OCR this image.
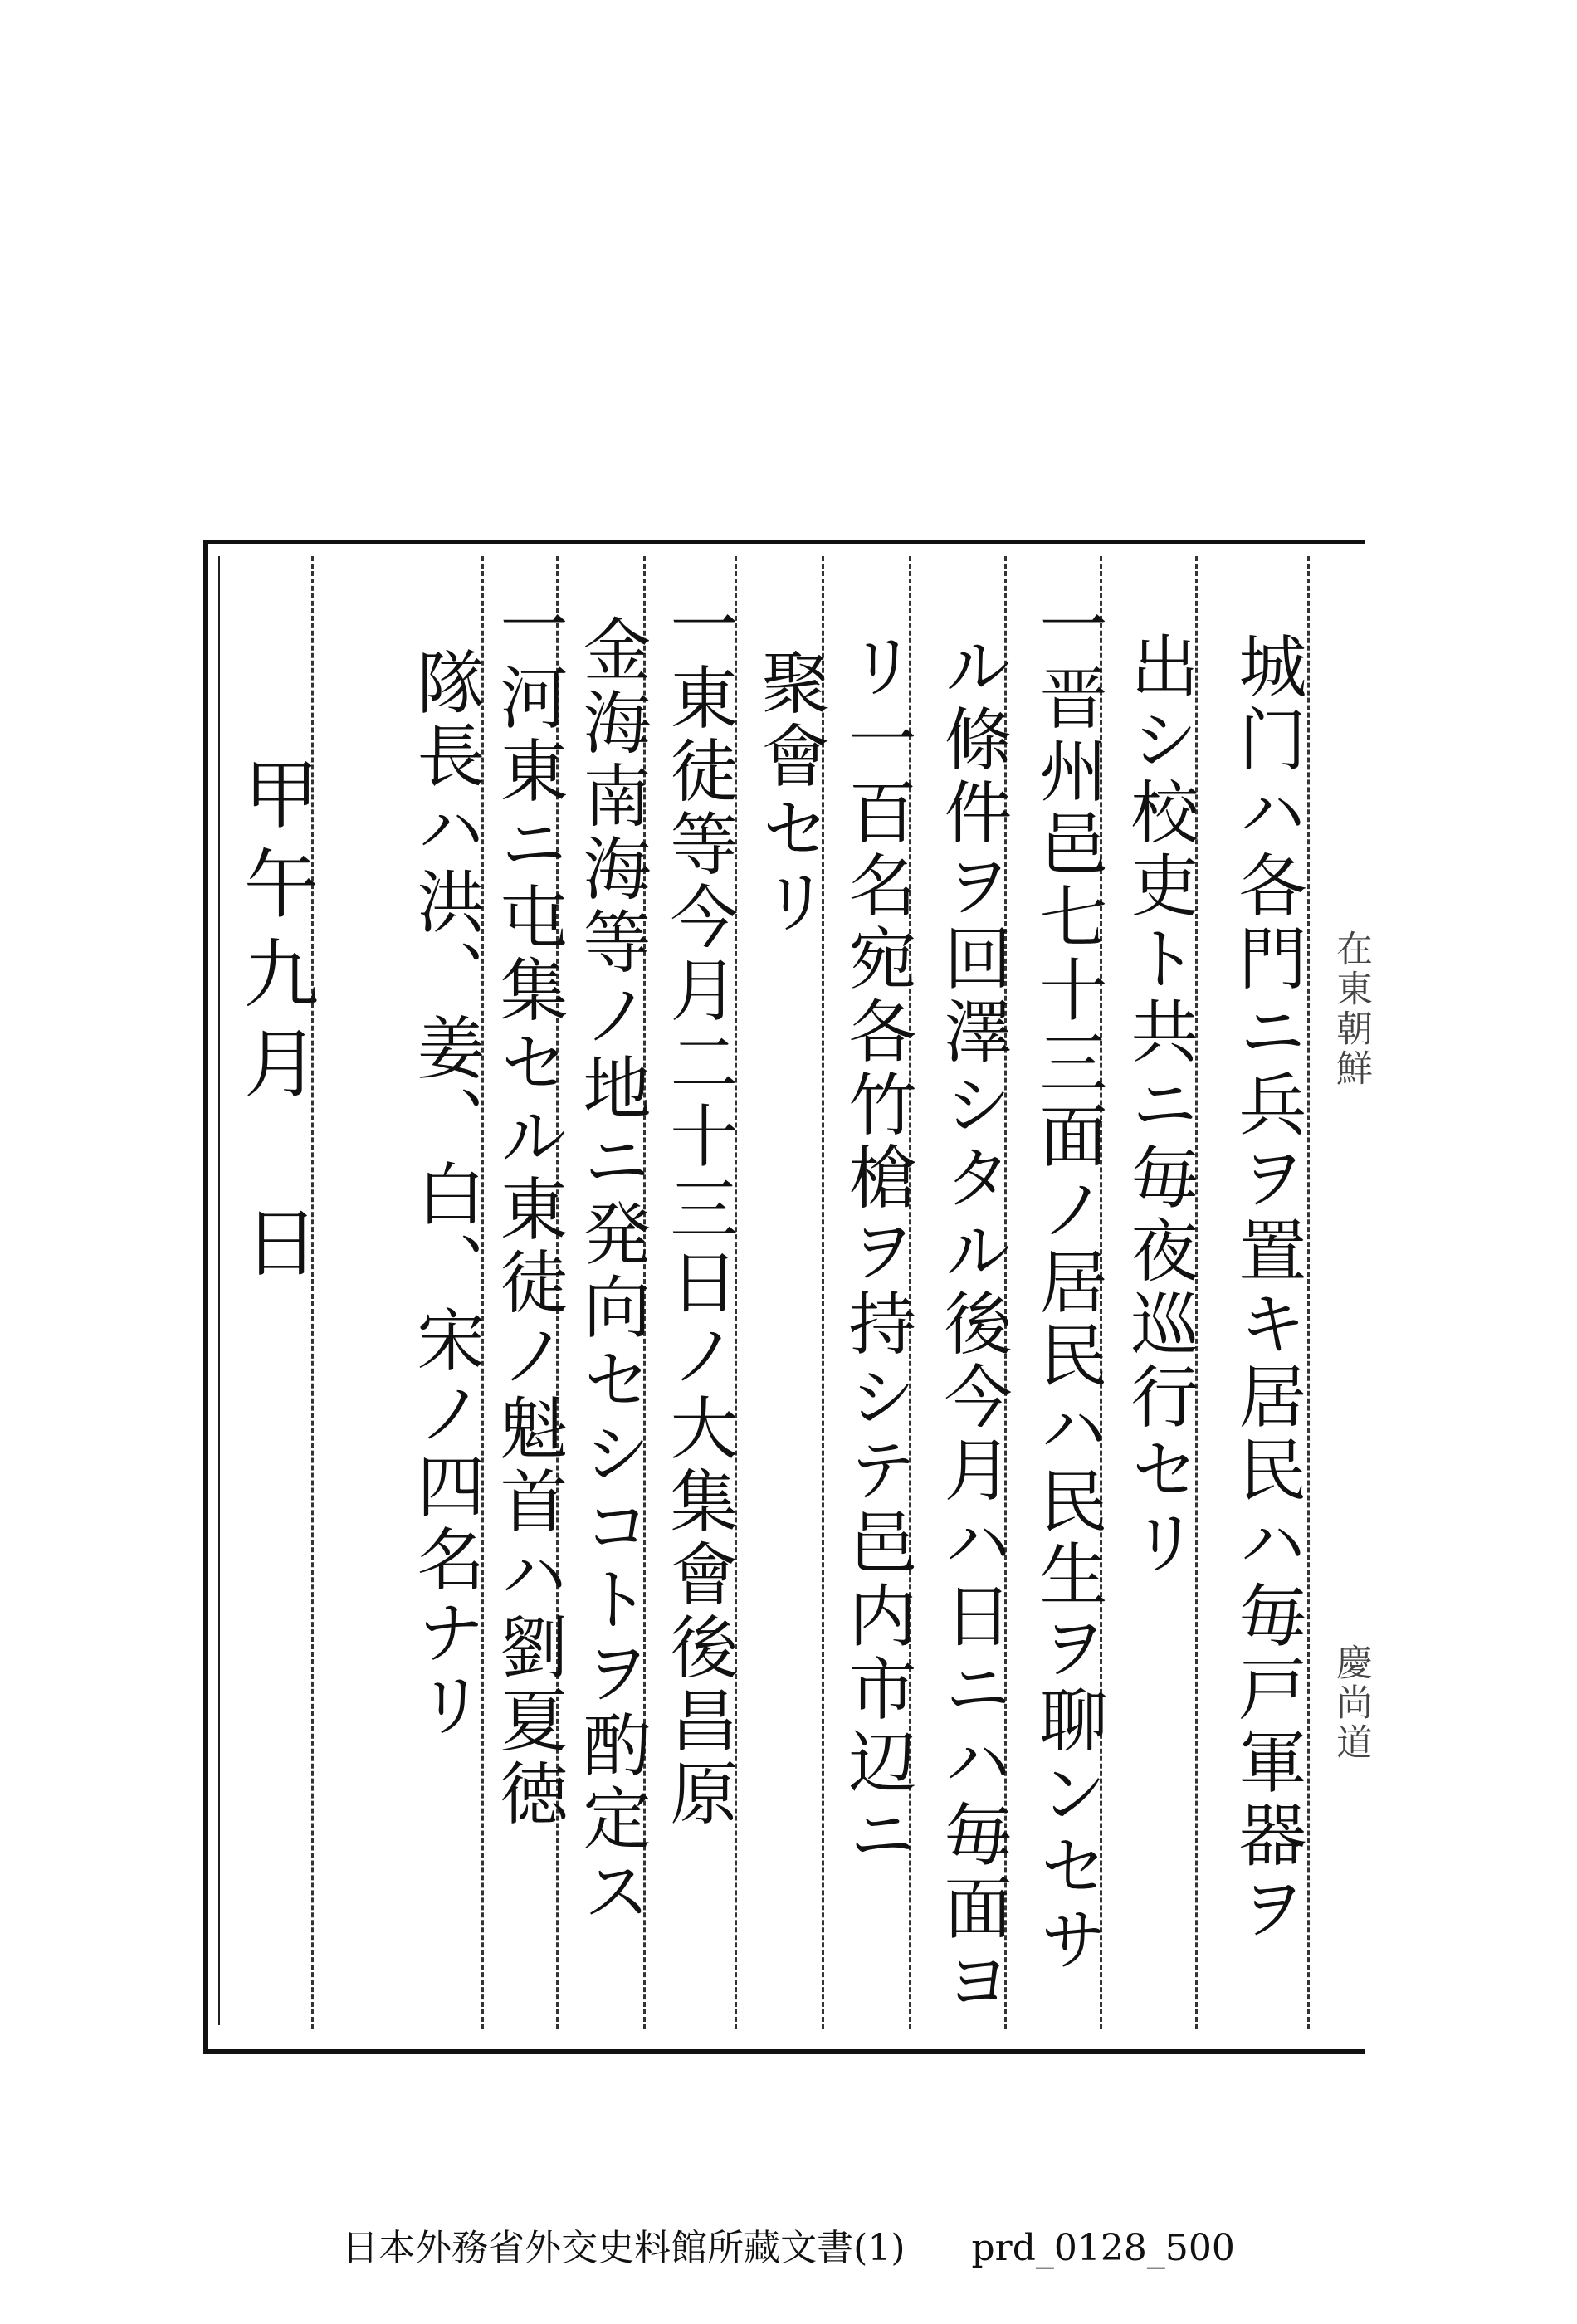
城门ハ各門ニ兵ヲ置キ居民ハ毎戸軍器ヲ
出シ校吏ト共ニ毎夜巡行セリ
一晋州邑七十三面ノ居民ハ民生ヲ聊ンセサ
ル條件ヲ回澤シタル後今月ハ日ニハ毎面ヨ
リ一百名宛各竹槍ヲ持シテ邑内市辺ニ
聚會セリ
一東徒等今月二十三日ノ大集會後昌原
金海南海等ノ地ニ発向セシコトヲ酌定ス
一河東ニ屯集セル東徒ノ魁首ハ劉夏徳
隊長ハ洪、姜、白、宋ノ四名ナリ
甲午九月　日	在東朝鮮
慶尚道
日本外務省外交史料館所藏文書(1) prd_0128_500
